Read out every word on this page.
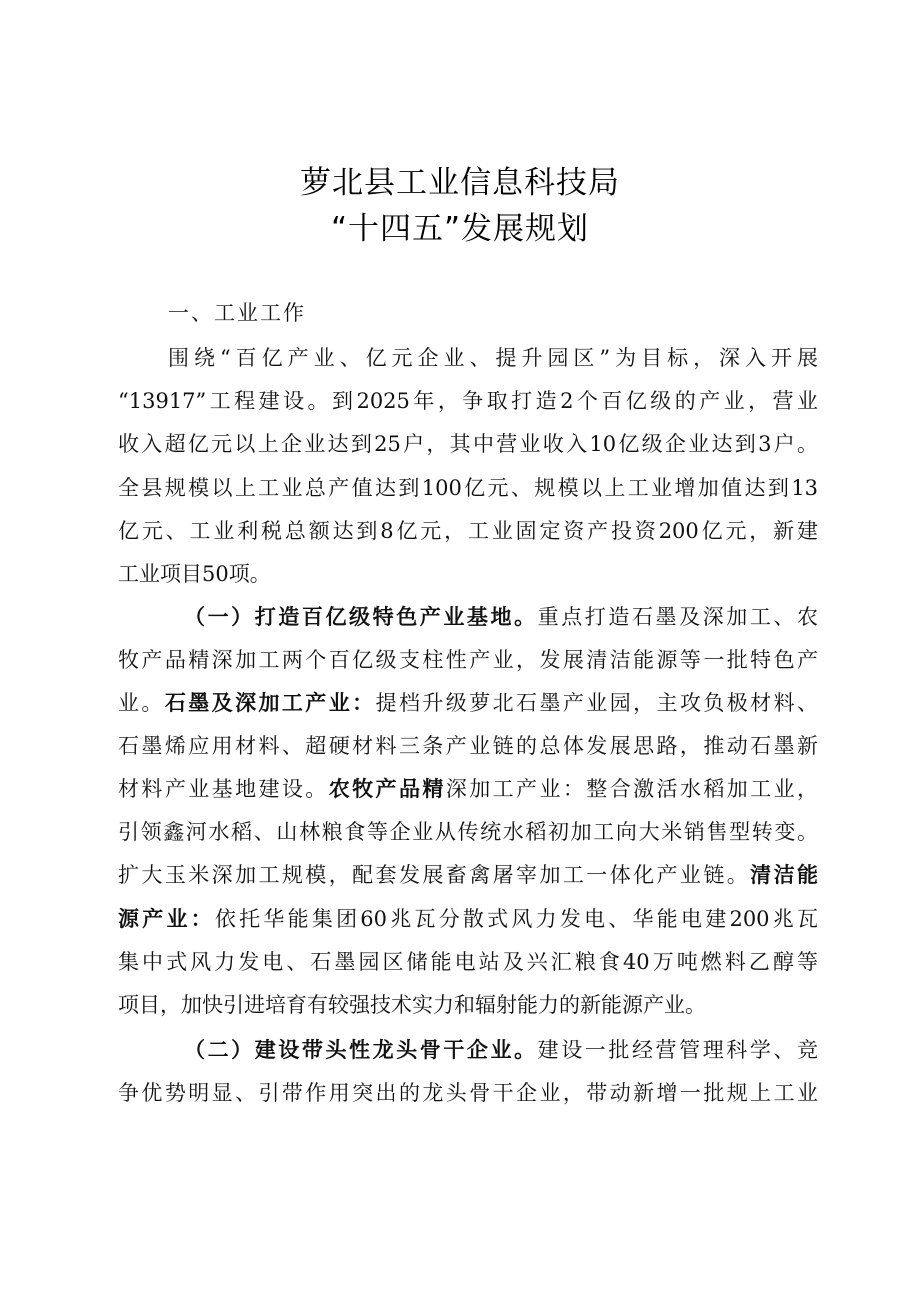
萝北县工业信息科技局
“十四五”发展规划
一、工业工作
围绕“百亿产业、亿元企业、提升园区”为目标，深入开展
“13917”工程建设。到2025年，争取打造2个百亿级的产业，营业
收入超亿元以上企业达到25户，其中营业收入10亿级企业达到3户。
全县规模以上工业总产值达到100亿元、规模以上工业增加值达到13
亿元、工业利税总额达到8亿元，工业固定资产投资200亿元，新建
工业项目50项。
（一）打造百亿级特色产业基地。重点打造石墨及深加工、农
牧产品精深加工两个百亿级支柱性产业，发展清洁能源等一批特色产
业。石墨及深加工产业：提档升级萝北石墨产业园，主攻负极材料、
石墨烯应用材料、超硬材料三条产业链的总体发展思路，推动石墨新
材料产业基地建设。农牧产品精深加工产业：整合激活水稻加工业，
引领鑫河水稻、山林粮食等企业从传统水稻初加工向大米销售型转变。
扩大玉米深加工规模，配套发展畜禽屠宰加工一体化产业链。清洁能
源产业：依托华能集团60兆瓦分散式风力发电、华能电建200兆瓦
集中式风力发电、石墨园区储能电站及兴汇粮食40万吨燃料乙醇等
项目，加快引进培育有较强技术实力和辐射能力的新能源产业。
（二）建设带头性龙头骨干企业。建设一批经营管理科学、竞
争优势明显、引带作用突出的龙头骨干企业，带动新增一批规上工业
